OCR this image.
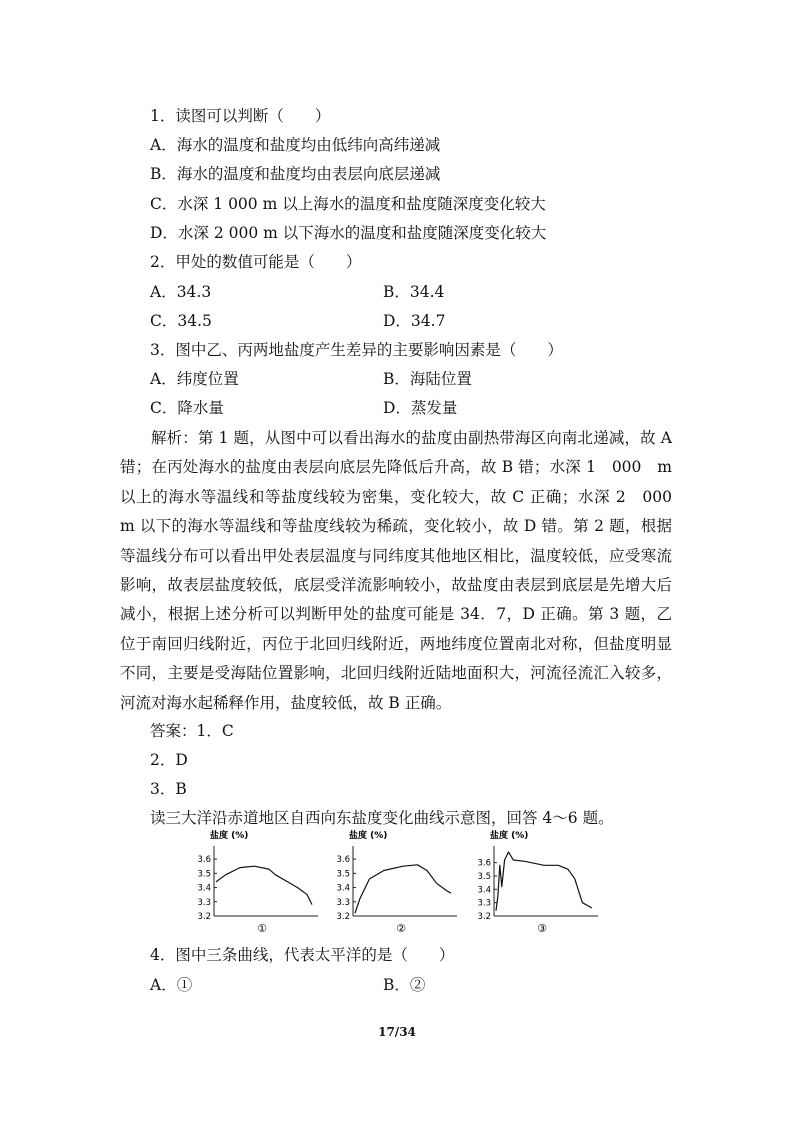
1．读图可以判断（　　）
A．海水的温度和盐度均由低纬向高纬递减
B．海水的温度和盐度均由表层向底层递减
C．水深 1 000 m 以上海水的温度和盐度随深度变化较大
D．水深 2 000 m 以下海水的温度和盐度随深度变化较大
2．甲处的数值可能是（　　）
A．34.3	B．34.4
C．34.5	D．34.7
3．图中乙、丙两地盐度产生差异的主要影响因素是（　　）
A．纬度位置	B．海陆位置
C．降水量	D．蒸发量
解析：第 1 题，从图中可以看出海水的盐度由副热带海区向南北递减，故 A 错；在丙处海水的盐度由表层向底层先降低后升高，故 B 错；水深 1　000　m 以上的海水等温线和等盐度线较为密集，变化较大，故 C 正确；水深 2　000　m 以下的海水等温线和等盐度线较为稀疏，变化较小，故 D 错。第 2 题，根据等温线分布可以看出甲处表层温度与同纬度其他地区相比，温度较低，应受寒流影响，故表层盐度较低，底层受洋流影响较小，故盐度由表层到底层是先增大后减小，根据上述分析可以判断甲处的盐度可能是 34．7，D 正确。第 3 题，乙位于南回归线附近，丙位于北回归线附近，两地纬度位置南北对称，但盐度明显不同，主要是受海陆位置影响，北回归线附近陆地面积大，河流径流汇入较多，河流对海水起稀释作用，盐度较低，故 B 正确。
答案：1．C
2．D
3．B
读三大洋沿赤道地区自西向东盐度变化曲线示意图，回答 4～6 题。
盐度 (%)
3.6
3.5
3.4
3.3
3.2
①
盐度 (%)
3.6
3.5
3.4
3.3
3.2
②
盐度 (%)
3.6
3.5
3.4
3.3
3.2
③
4．图中三条曲线，代表太平洋的是（　　）
A．①	B．②
17/34
